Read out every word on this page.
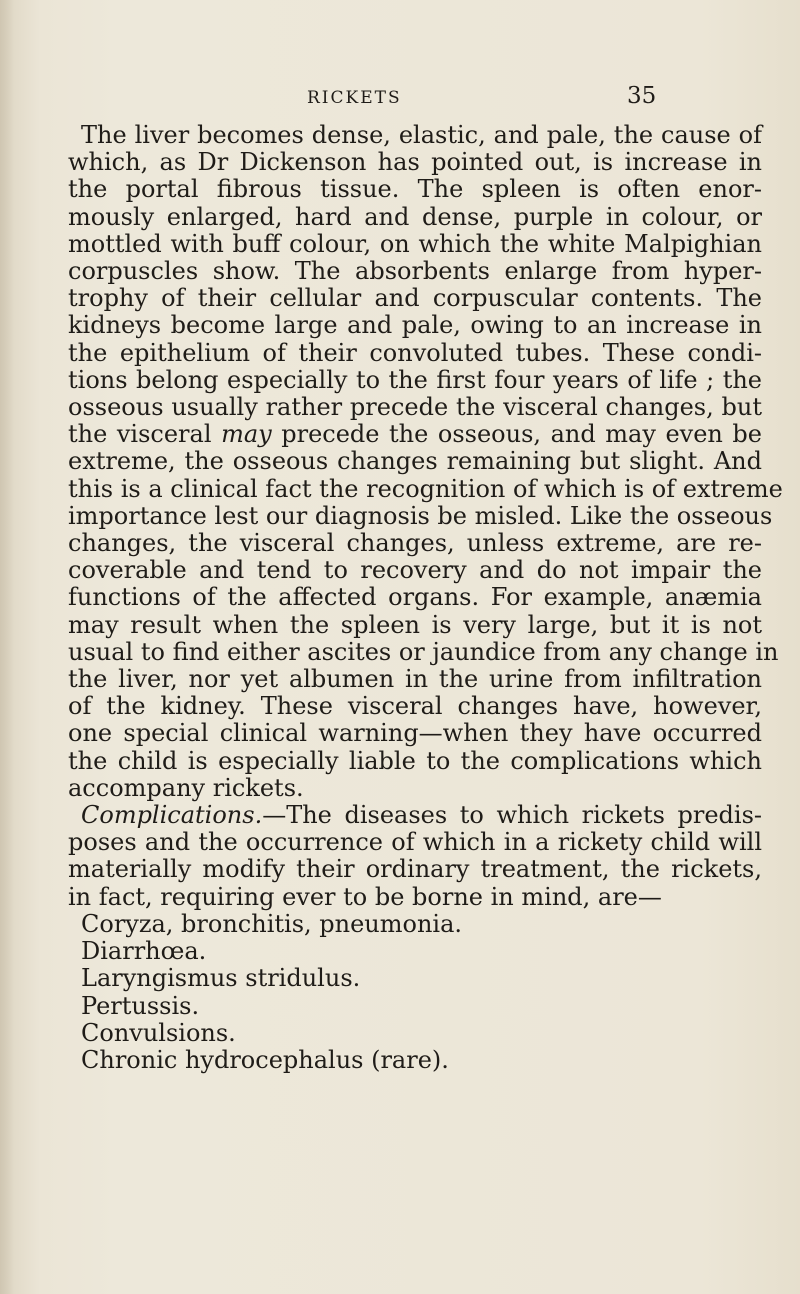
RICKETS	35
The liver becomes dense, elastic, and pale, the cause of
which, as Dr Dickenson has pointed out, is increase in
the portal fibrous tissue. The spleen is often enor-
mously enlarged, hard and dense, purple in colour, or
mottled with buff colour, on which the white Malpighian
corpuscles show. The absorbents enlarge from hyper-
trophy of their cellular and corpuscular contents. The
kidneys become large and pale, owing to an increase in
the epithelium of their convoluted tubes. These condi-
tions belong especially to the first four years of life ; the
osseous usually rather precede the visceral changes, but
the visceral may precede the osseous, and may even be
extreme, the osseous changes remaining but slight. And
this is a clinical fact the recognition of which is of extreme
importance lest our diagnosis be misled. Like the osseous
changes, the visceral changes, unless extreme, are re-
coverable and tend to recovery and do not impair the
functions of the affected organs. For example, anæmia
may result when the spleen is very large, but it is not
usual to find either ascites or jaundice from any change in
the liver, nor yet albumen in the urine from infiltration
of the kidney. These visceral changes have, however,
one special clinical warning—when they have occurred
the child is especially liable to the complications which
accompany rickets.
Complications.—The diseases to which rickets predis-
poses and the occurrence of which in a rickety child will
materially modify their ordinary treatment, the rickets,
in fact, requiring ever to be borne in mind, are—
Coryza, bronchitis, pneumonia.
Diarrhœa.
Laryngismus stridulus.
Pertussis.
Convulsions.
Chronic hydrocephalus (rare).
